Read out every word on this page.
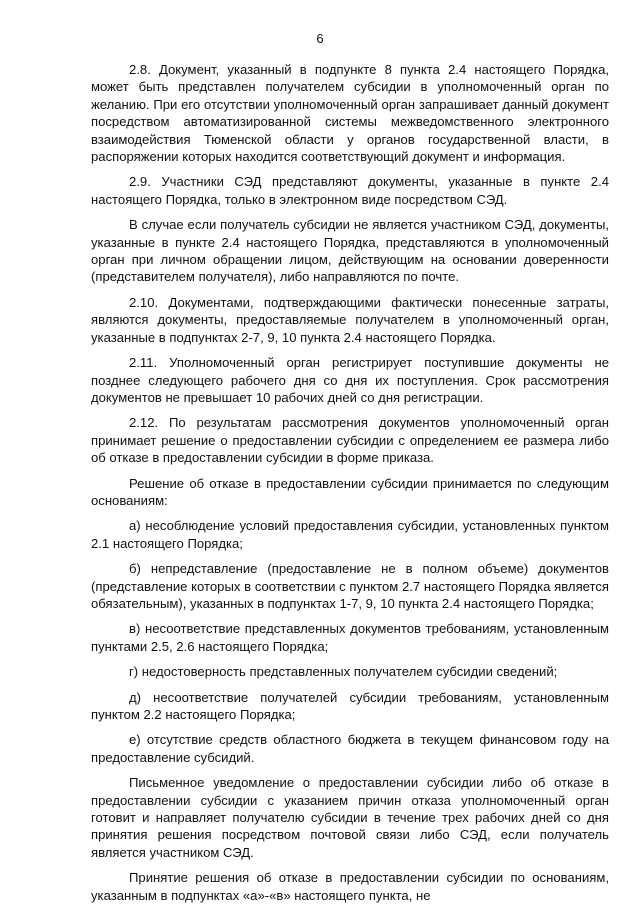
6

2.8. Документ, указанный в подпункте 8 пункта 2.4 настоящего Порядка, может быть представлен получателем субсидии в уполномоченный орган по желанию. При его отсутствии уполномоченный орган запрашивает данный документ посредством автоматизированной системы межведомственного электронного взаимодействия Тюменской области у органов государственной власти, в распоряжении которых находится соответствующий документ и информация.

2.9. Участники СЭД представляют документы, указанные в пункте 2.4 настоящего Порядка, только в электронном виде посредством СЭД.

В случае если получатель субсидии не является участником СЭД, документы, указанные в пункте 2.4 настоящего Порядка, представляются в уполномоченный орган при личном обращении лицом, действующим на основании доверенности (представителем получателя), либо направляются по почте.

2.10. Документами, подтверждающими фактически понесенные затраты, являются документы, предоставляемые получателем в уполномоченный орган, указанные в подпунктах 2-7, 9, 10 пункта 2.4 настоящего Порядка.

2.11. Уполномоченный орган регистрирует поступившие документы не позднее следующего рабочего дня со дня их поступления. Срок рассмотрения документов не превышает 10 рабочих дней со дня регистрации.

2.12. По результатам рассмотрения документов уполномоченный орган принимает решение о предоставлении субсидии с определением ее размера либо об отказе в предоставлении субсидии в форме приказа.

Решение об отказе в предоставлении субсидии принимается по следующим основаниям:

а) несоблюдение условий предоставления субсидии, установленных пунктом 2.1 настоящего Порядка;

б) непредставление (предоставление не в полном объеме) документов (представление которых в соответствии с пунктом 2.7 настоящего Порядка является обязательным), указанных в подпунктах 1-7, 9, 10 пункта 2.4 настоящего Порядка;

в) несоответствие представленных документов требованиям, установленным пунктами 2.5, 2.6 настоящего Порядка;

г) недостоверность представленных получателем субсидии сведений;

д) несоответствие получателей субсидии требованиям, установленным пунктом 2.2 настоящего Порядка;

е) отсутствие средств областного бюджета в текущем финансовом году на предоставление субсидий.

Письменное уведомление о предоставлении субсидии либо об отказе в предоставлении субсидии с указанием причин отказа уполномоченный орган готовит и направляет получателю субсидии в течение трех рабочих дней со дня принятия решения посредством почтовой связи либо СЭД, если получатель является участником СЭД.

Принятие решения об отказе в предоставлении субсидии по основаниям, указанным в подпунктах «а»-«в» настоящего пункта, не
